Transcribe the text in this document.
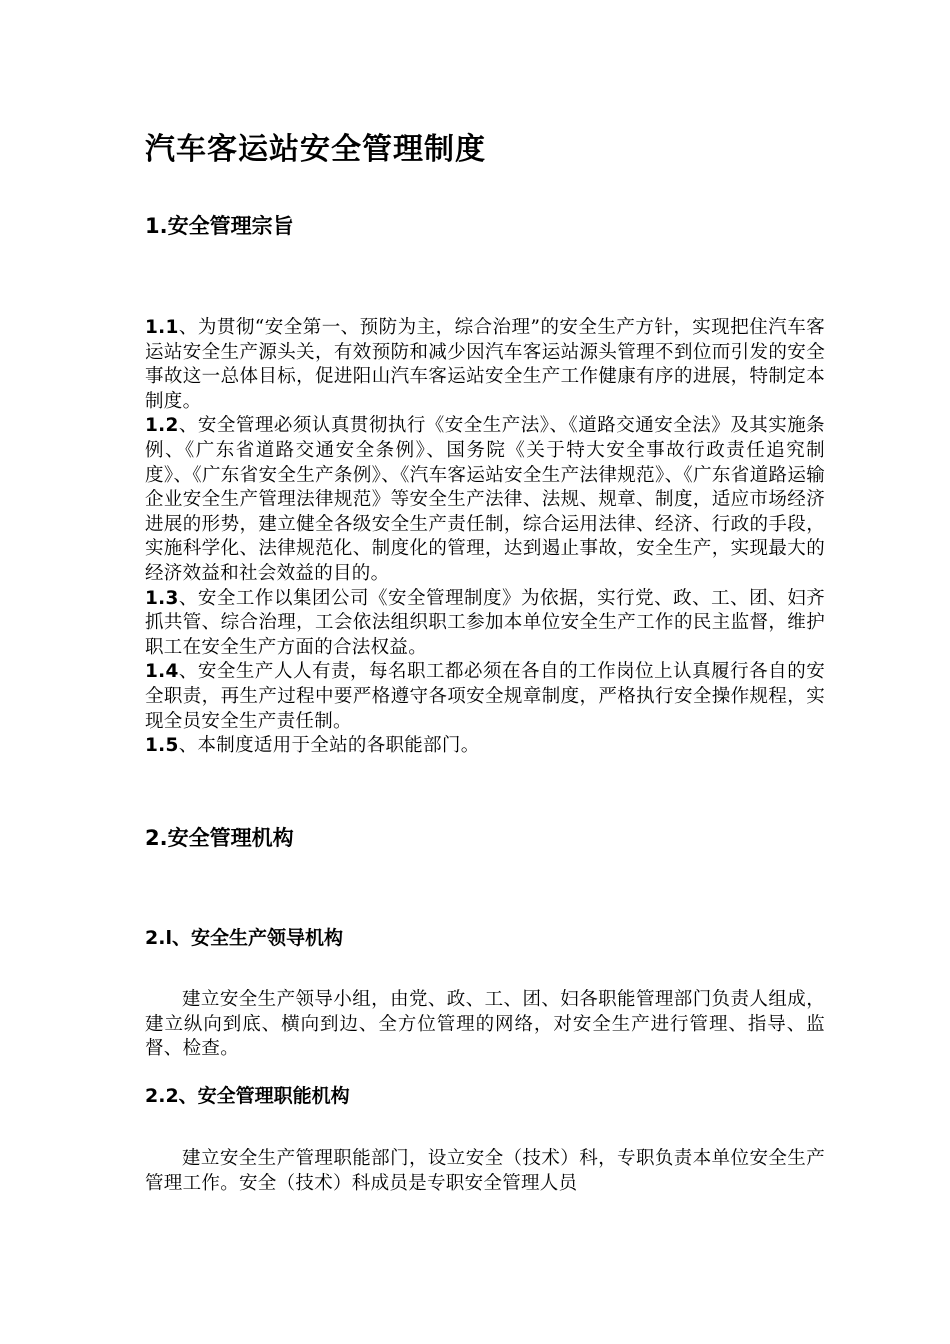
汽车客运站安全管理制度
1.安全管理宗旨

1.1、为贯彻“安全第一、预防为主，综合治理”的安全生产方针，实现把住汽车客运站安全生产源头关，有效预防和减少因汽车客运站源头管理不到位而引发的安全事故这一总体目标，促进阳山汽车客运站安全生产工作健康有序的进展，特制定本制度。

1.2、安全管理必须认真贯彻执行《安全生产法》、《道路交通安全法》及其实施条例、《广东省道路交通安全条例》、国务院《关于特大安全事故行政责任追究制度》、《广东省安全生产条例》、《汽车客运站安全生产法律规范》、《广东省道路运输企业安全生产管理法律规范》等安全生产法律、法规、规章、制度，适应市场经济进展的形势，建立健全各级安全生产责任制，综合运用法律、经济、行政的手段，实施科学化、法律规范化、制度化的管理，达到遏止事故，安全生产，实现最大的经济效益和社会效益的目的。

1.3、安全工作以集团公司《安全管理制度》为依据，实行党、政、工、团、妇齐抓共管、综合治理，工会依法组织职工参加本单位安全生产工作的民主监督，维护职工在安全生产方面的合法权益。

1.4、安全生产人人有责，每名职工都必须在各自的工作岗位上认真履行各自的安全职责，再生产过程中要严格遵守各项安全规章制度，严格执行安全操作规程，实现全员安全生产责任制。

1.5、本制度适用于全站的各职能部门。

2.安全管理机构
2.l、安全生产领导机构
建立安全生产领导小组，由党、政、工、团、妇各职能管理部门负责人组成，建立纵向到底、横向到边、全方位管理的网络，对安全生产进行管理、指导、监督、检查。
2.2、安全管理职能机构
建立安全生产管理职能部门，设立安全（技术）科，专职负责本单位安全生产管理工作。安全（技术）科成员是专职安全管理人员
